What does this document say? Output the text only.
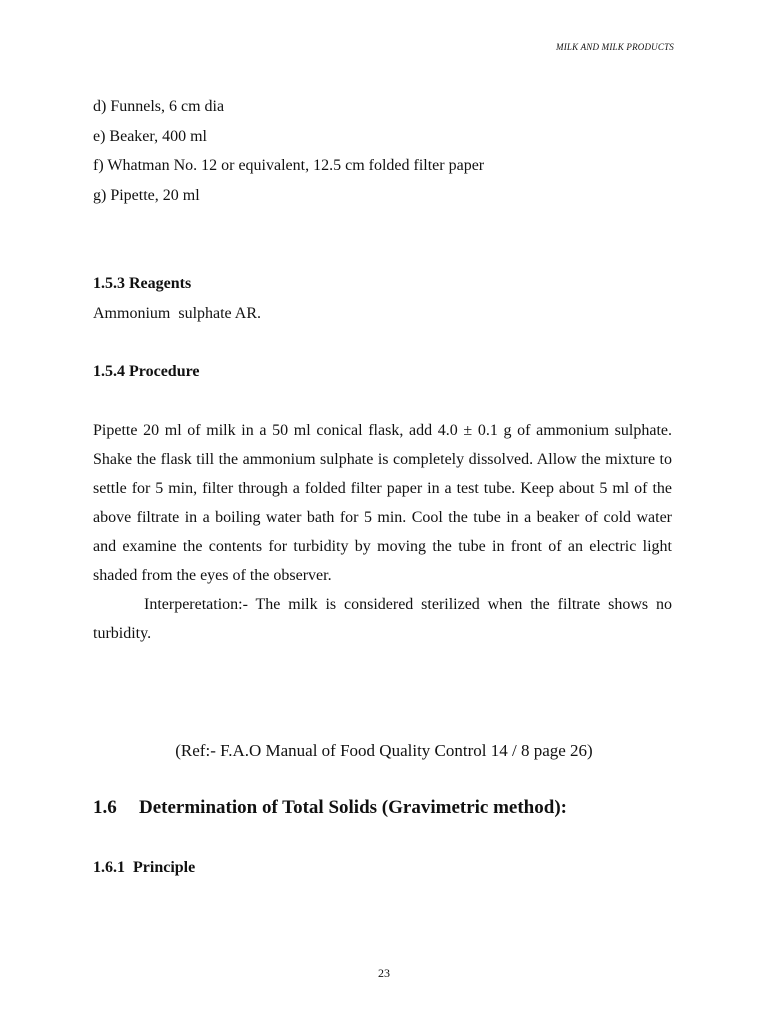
MILK AND MILK PRODUCTS
d) Funnels, 6 cm dia
e) Beaker, 400 ml
f) Whatman No. 12 or equivalent, 12.5 cm folded filter paper
g) Pipette, 20 ml
1.5.3 Reagents
Ammonium  sulphate AR.
1.5.4 Procedure

Pipette 20 ml of milk in a 50 ml conical flask, add 4.0 ± 0.1 g of ammonium sulphate. Shake the flask till the ammonium sulphate is completely dissolved. Allow the mixture to settle for 5 min, filter through a folded filter paper in a test tube. Keep about 5 ml of the above filtrate in a boiling water bath for 5 min. Cool the tube in a beaker of cold water and examine the contents for turbidity by moving the tube in front of an electric light shaded from the eyes of the observer.

Interperetation:- The milk is considered sterilized when the filtrate shows no turbidity.

(Ref:- F.A.O Manual of Food Quality Control 14 / 8 page 26)
1.6 Determination of Total Solids (Gravimetric method):
1.6.1  Principle
23
